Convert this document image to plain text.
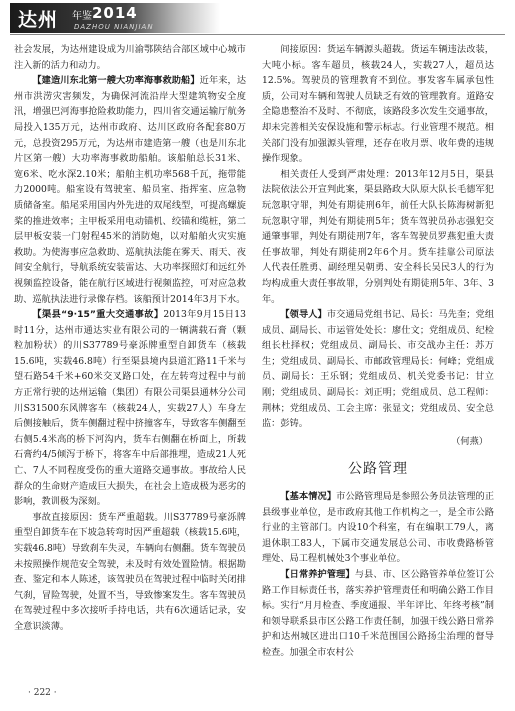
达州 年鉴 2014
DAZHOU NIANJIAN

社会发展，为达州建设成为川渝鄂陕结合部区域中心城市注入新的活力和动力。

【建造川东北第一艘大功率海事救助船】近年来，达州市洪涝灾害频发，为确保河流沿岸大型建筑物安全度汛，增强巴河海事抢险救助能力，四川省交通运输厅航务局投入135万元，达州市政府、达川区政府各配套80万元，总投资295万元，为达州市建造第一艘（也是川东北片区第一艘）大功率海事救助船舶。该船舶总长31米、宽6米、吃水深2.10米；船舶主机功率568千瓦，拖带能力2000吨。船室设有驾驶室、船员室、指挥室、应急物质储备室。船尾采用国内外先进的双尾线型，可提高螺旋桨的推进效率；主甲板采用电动锚机、绞锚和缆桩，第二层甲板安装一门射程45米的消防炮，以对船舶火灾实施救助。为使海事应急救助、巡航执法能在雾天、雨天、夜间安全航行，导航系统安装雷达、大功率探照灯和远红外视频监控设备，能在航行区域进行视频监控，可对应急救助、巡航执法进行录像存档。该船预计2014年3月下水。

【渠县“9·15”重大交通事故】2013年9月15日13时11分，达州市通达实业有限公司的一辆满载石膏（颗粒加粉状）的川S37789号豪泺牌重型自卸货车（核载15.6吨，实载46.8吨）行至渠县境内县道汇路11千米与望石路54千米+60米交叉路口处，在左转弯过程中与前方正常行驶的达州运输（集团）有限公司渠县通林分公司川S31500东风牌客车（核载24人，实载27人）车身左后侧接触后，货车侧翻过程中挤撞客车，导致客车侧翻至右侧5.4米高的桥下河沟内，货车右侧翻在桥面上，所载石膏约4/5倾泻于桥下，将客车中后部推埋，造成21人死亡、7人不同程度受伤的重大道路交通事故。事故给人民群众的生命财产造成巨大损失，在社会上造成极为恶劣的影响，教训极为深刻。

事故直接原因：货车严重超载。川S37789号豪泺牌重型自卸货车在下坡急转弯时因严重超载（核载15.6吨，实载46.8吨）导致刹车失灵，车辆向右侧翻。货车驾驶员未按照操作规范安全驾驶，未及时有效处置险情。根据勘查、鉴定和本人陈述，该驾驶员在驾驶过程中临时关闭排气刹，冒险驾驶，处置不当，导致惨案发生。客车驾驶员在驾驶过程中多次接听手持电话，共有6次通话记录，安全意识淡薄。

间接原因：货运车辆源头超载。货运车辆违法改装，大吨小标。客车超员，核载24人，实载27人，超员达12.5%。驾驶员的管理教育不到位。事发客车属承包性质，公司对车辆和驾驶人员缺乏有效的管理教育。道路安全隐患整治不及时、不彻底，该路段多次发生交通事故，却未完善相关安保设施和警示标志。行业管理不规范。相关部门没有加强源头管理，还存在收月票、收年费的违规操作现象。

相关责任人受到严肃处理：2013年12月5日，渠县法院依法公开宣判此案，渠县路政大队原大队长毛德军犯玩忽职守罪，判处有期徒刑6年，前任大队长陈海树新犯玩忽职守罪，判处有期徒刑5年；货车驾驶员孙志强犯交通肇事罪，判处有期徒刑7年，客车驾驶员罗燕犯重大责任事故罪，判处有期徒刑2年6个月。货车挂靠公司原法人代表任胜勇、副经理吴朝勇、安全科长吴民3人的行为均构成重大责任事故罪，分别判处有期徒刑5年、3年、3年。

【领导人】市交通局党组书记、局长：马先奎；党组成员、副局长、市运管处处长：廖仕文；党组成员、纪检组长杜择权；党组成员、副局长、市交战办主任：苏万生；党组成员、副局长、市邮政管理局长：何峰；党组成员、副局长：王乐钢；党组成员、机关党委书记：甘立刚；党组成员、副局长：刘正明；党组成员、总工程师：荆林；党组成员、工会主席：张显文；党组成员、安全总监：彭铸。

（何燕）
公路管理

【基本情况】市公路管理局是参照公务员法管理的正县级事业单位，是市政府其他工作机构之一，是全市公路行业的主管部门。内设10个科室，有在编职工79人，离退休职工83人，下属市交通发展总公司、市收费路桥管理处、局工程机械处3个事业单位。

【日常养护管理】与县、市、区公路管养单位签订公路工作目标责任书，落实养护管理责任和明确公路工作目标。实行“月月检查、季度通报、半年评比、年终考核”制和领导联系县市区公路工作责任制，加强干线公路日常养护和达州城区进出口10千米范围国公路扬尘治理的督导检查。加强全市农村公

· 222 ·
